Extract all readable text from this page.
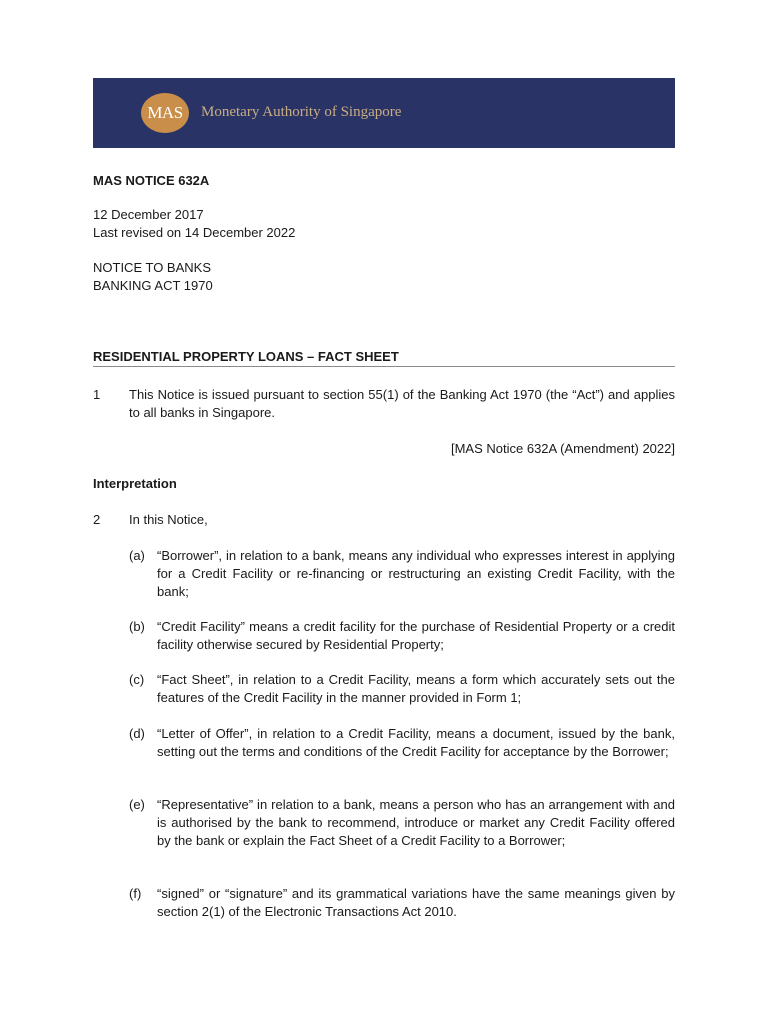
MAS	Monetary Authority of Singapore
MAS NOTICE 632A
12 December 2017
Last revised on 14 December 2022
NOTICE TO BANKS
BANKING ACT 1970
RESIDENTIAL PROPERTY LOANS – FACT SHEET
1 This Notice is issued pursuant to section 55(1) of the Banking Act 1970 (the “Act”) and applies to all banks in Singapore.
[MAS Notice 632A (Amendment) 2022]
Interpretation
2 In this Notice,
(a) “Borrower”, in relation to a bank, means any individual who expresses interest in applying for a Credit Facility or re-financing or restructuring an existing Credit Facility, with the bank;
(b) “Credit Facility” means a credit facility for the purchase of Residential Property or a credit facility otherwise secured by Residential Property;
(c) “Fact Sheet”, in relation to a Credit Facility, means a form which accurately sets out the features of the Credit Facility in the manner provided in Form 1;
(d) “Letter of Offer”, in relation to a Credit Facility, means a document, issued by the bank, setting out the terms and conditions of the Credit Facility for acceptance by the Borrower;
(e) “Representative” in relation to a bank, means a person who has an arrangement with and is authorised by the bank to recommend, introduce or market any Credit Facility offered by the bank or explain the Fact Sheet of a Credit Facility to a Borrower;
(f) “signed” or “signature” and its grammatical variations have the same meanings given by section 2(1) of the Electronic Transactions Act 2010.
